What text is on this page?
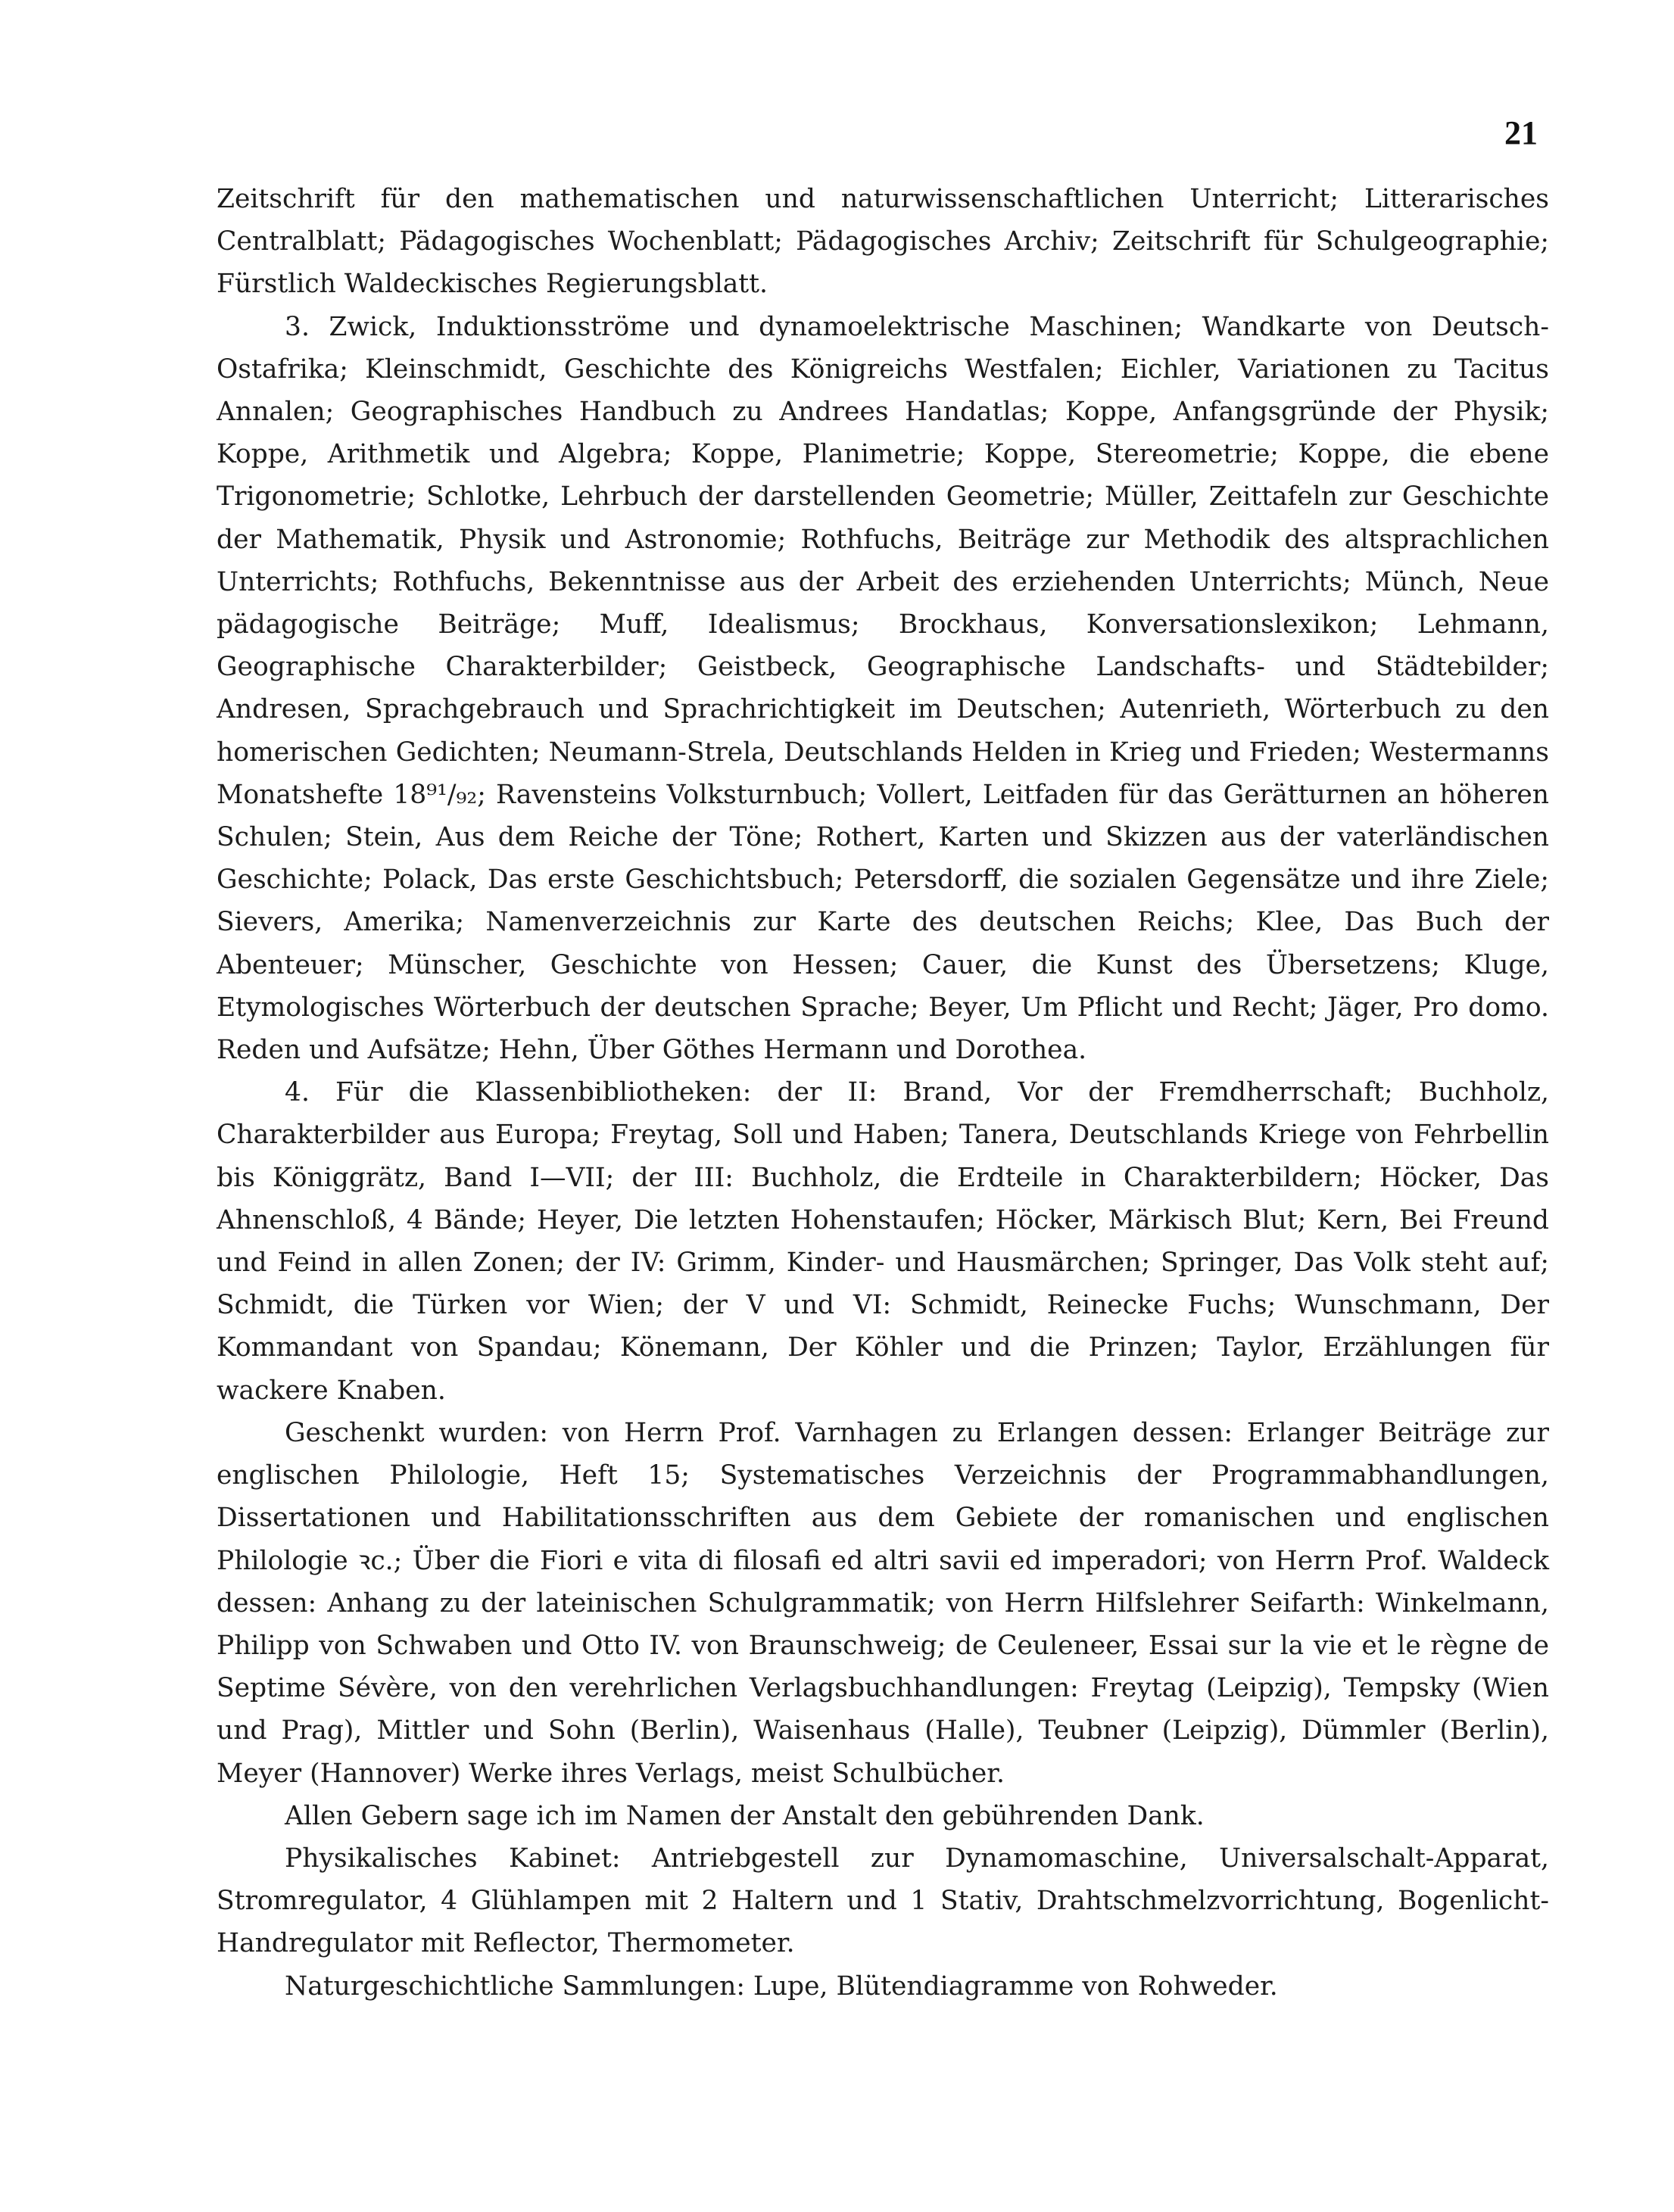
21

Zeitschrift für den mathematischen und naturwissenschaftlichen Unterricht; Litterarisches Centralblatt; Pädagogisches Wochenblatt; Pädagogisches Archiv; Zeitschrift für Schulgeographie; Fürstlich Waldeckisches Regierungsblatt.

3. Zwick, Induktionsströme und dynamoelektrische Maschinen; Wandkarte von Deutsch-Ostafrika; Kleinschmidt, Geschichte des Königreichs Westfalen; Eichler, Variationen zu Tacitus Annalen; Geographisches Handbuch zu Andrees Handatlas; Koppe, Anfangsgründe der Physik; Koppe, Arithmetik und Algebra; Koppe, Planimetrie; Koppe, Stereometrie; Koppe, die ebene Trigonometrie; Schlotke, Lehrbuch der darstellenden Geometrie; Müller, Zeittafeln zur Geschichte der Mathematik, Physik und Astronomie; Rothfuchs, Beiträge zur Methodik des altsprachlichen Unterrichts; Rothfuchs, Bekenntnisse aus der Arbeit des erziehenden Unterrichts; Münch, Neue pädagogische Beiträge; Muff, Idealismus; Brockhaus, Konversationslexikon; Lehmann, Geographische Charakterbilder; Geistbeck, Geographische Landschafts- und Städtebilder; Andresen, Sprachgebrauch und Sprachrichtigkeit im Deutschen; Autenrieth, Wörterbuch zu den homerischen Gedichten; Neumann-Strela, Deutschlands Helden in Krieg und Frieden; Westermanns Monatshefte 18⁹¹/₉₂; Ravensteins Volksturnbuch; Vollert, Leitfaden für das Gerätturnen an höheren Schulen; Stein, Aus dem Reiche der Töne; Rothert, Karten und Skizzen aus der vaterländischen Geschichte; Polack, Das erste Geschichtsbuch; Petersdorff, die sozialen Gegensätze und ihre Ziele; Sievers, Amerika; Namenverzeichnis zur Karte des deutschen Reichs; Klee, Das Buch der Abenteuer; Münscher, Geschichte von Hessen; Cauer, die Kunst des Übersetzens; Kluge, Etymologisches Wörterbuch der deutschen Sprache; Beyer, Um Pflicht und Recht; Jäger, Pro domo. Reden und Aufsätze; Hehn, Über Göthes Hermann und Dorothea.

4. Für die Klassenbibliotheken: der II: Brand, Vor der Fremdherrschaft; Buchholz, Charakterbilder aus Europa; Freytag, Soll und Haben; Tanera, Deutschlands Kriege von Fehrbellin bis Königgrätz, Band I—VII; der III: Buchholz, die Erdteile in Charakterbildern; Höcker, Das Ahnenschloß, 4 Bände; Heyer, Die letzten Hohenstaufen; Höcker, Märkisch Blut; Kern, Bei Freund und Feind in allen Zonen; der IV: Grimm, Kinder- und Hausmärchen; Springer, Das Volk steht auf; Schmidt, die Türken vor Wien; der V und VI: Schmidt, Reinecke Fuchs; Wunschmann, Der Kommandant von Spandau; Könemann, Der Köhler und die Prinzen; Taylor, Erzählungen für wackere Knaben.

Geschenkt wurden: von Herrn Prof. Varnhagen zu Erlangen dessen: Erlanger Beiträge zur englischen Philologie, Heft 15; Systematisches Verzeichnis der Programmabhandlungen, Dissertationen und Habilitationsschriften aus dem Gebiete der romanischen und englischen Philologie ꝛc.; Über die Fiori e vita di filosafi ed altri savii ed imperadori; von Herrn Prof. Waldeck dessen: Anhang zu der lateinischen Schulgrammatik; von Herrn Hilfslehrer Seifarth: Winkelmann, Philipp von Schwaben und Otto IV. von Braunschweig; de Ceuleneer, Essai sur la vie et le règne de Septime Sévère, von den verehrlichen Verlagsbuchhandlungen: Freytag (Leipzig), Tempsky (Wien und Prag), Mittler und Sohn (Berlin), Waisenhaus (Halle), Teubner (Leipzig), Dümmler (Berlin), Meyer (Hannover) Werke ihres Verlags, meist Schulbücher.

Allen Gebern sage ich im Namen der Anstalt den gebührenden Dank.

Physikalisches Kabinet: Antriebgestell zur Dynamomaschine, Universalschalt-Apparat, Stromregulator, 4 Glühlampen mit 2 Haltern und 1 Stativ, Drahtschmelzvorrichtung, Bogenlicht-Handregulator mit Reflector, Thermometer.

Naturgeschichtliche Sammlungen: Lupe, Blütendiagramme von Rohweder.
